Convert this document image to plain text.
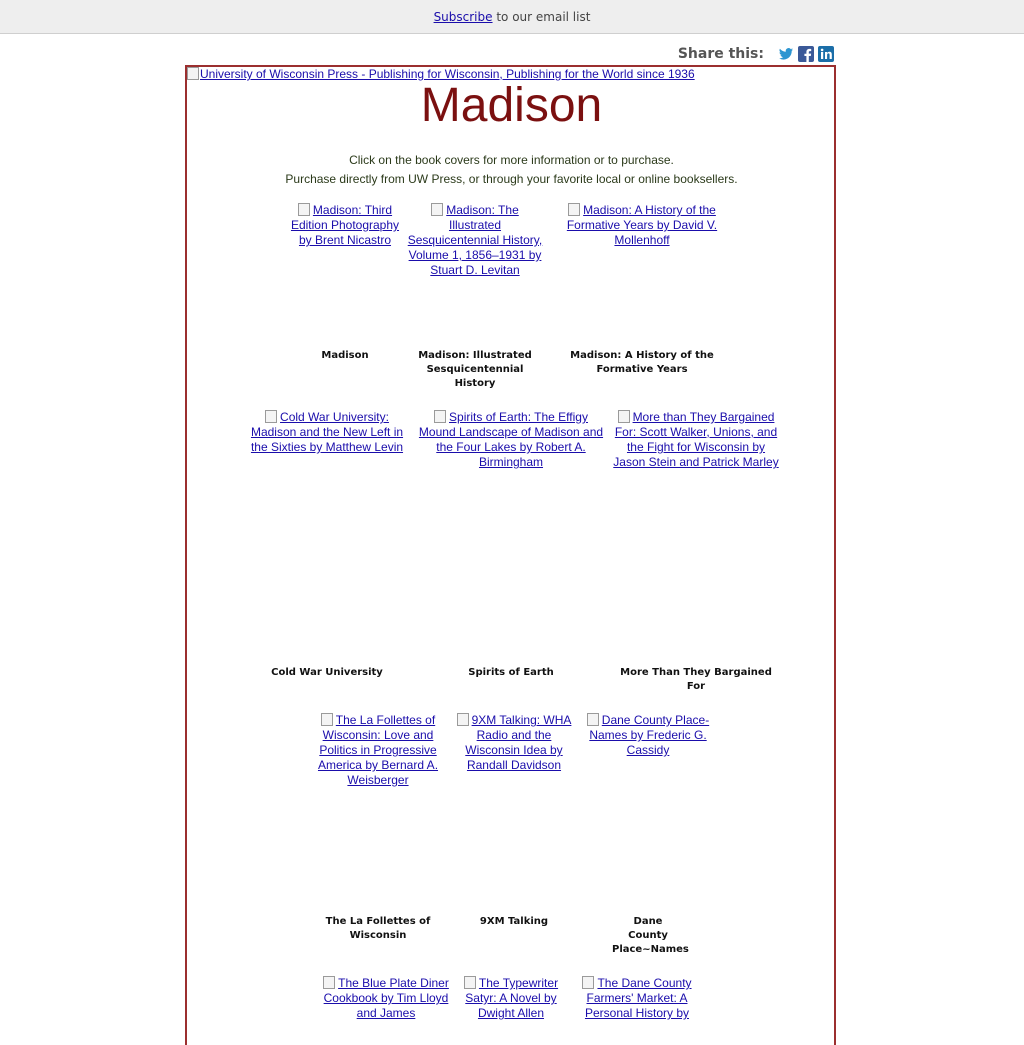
Subscribe to our email list
Share this:
University of Wisconsin Press - Publishing for Wisconsin, Publishing for the World since 1936
Madison
Click on the book covers for more information or to purchase.
Purchase directly from UW Press, or through your favorite local or online booksellers.
Madison: Third Edition Photography by Brent Nicastro
Madison
Madison: The Illustrated Sesquicentennial History, Volume 1, 1856–1931 by Stuart D. Levitan
Madison: Illustrated Sesquicentennial History
Madison: A History of the Formative Years by David V. Mollenhoff
Madison: A History of the Formative Years
Cold War University: Madison and the New Left in the Sixties by Matthew Levin
Cold War University
Spirits of Earth: The Effigy Mound Landscape of Madison and the Four Lakes by Robert A. Birmingham
Spirits of Earth
More than They Bargained For: Scott Walker, Unions, and the Fight for Wisconsin by Jason Stein and Patrick Marley
More Than They Bargained For
The La Follettes of Wisconsin: Love and Politics in Progressive America by Bernard A. Weisberger
The La Follettes of Wisconsin
9XM Talking: WHA Radio and the Wisconsin Idea by Randall Davidson
9XM Talking
Dane County Place-Names by Frederic G. Cassidy
Dane County Place~Names
The Blue Plate Diner Cookbook by Tim Lloyd and James
The Typewriter Satyr: A Novel by Dwight Allen
The Dane County Farmers' Market: A Personal History by
